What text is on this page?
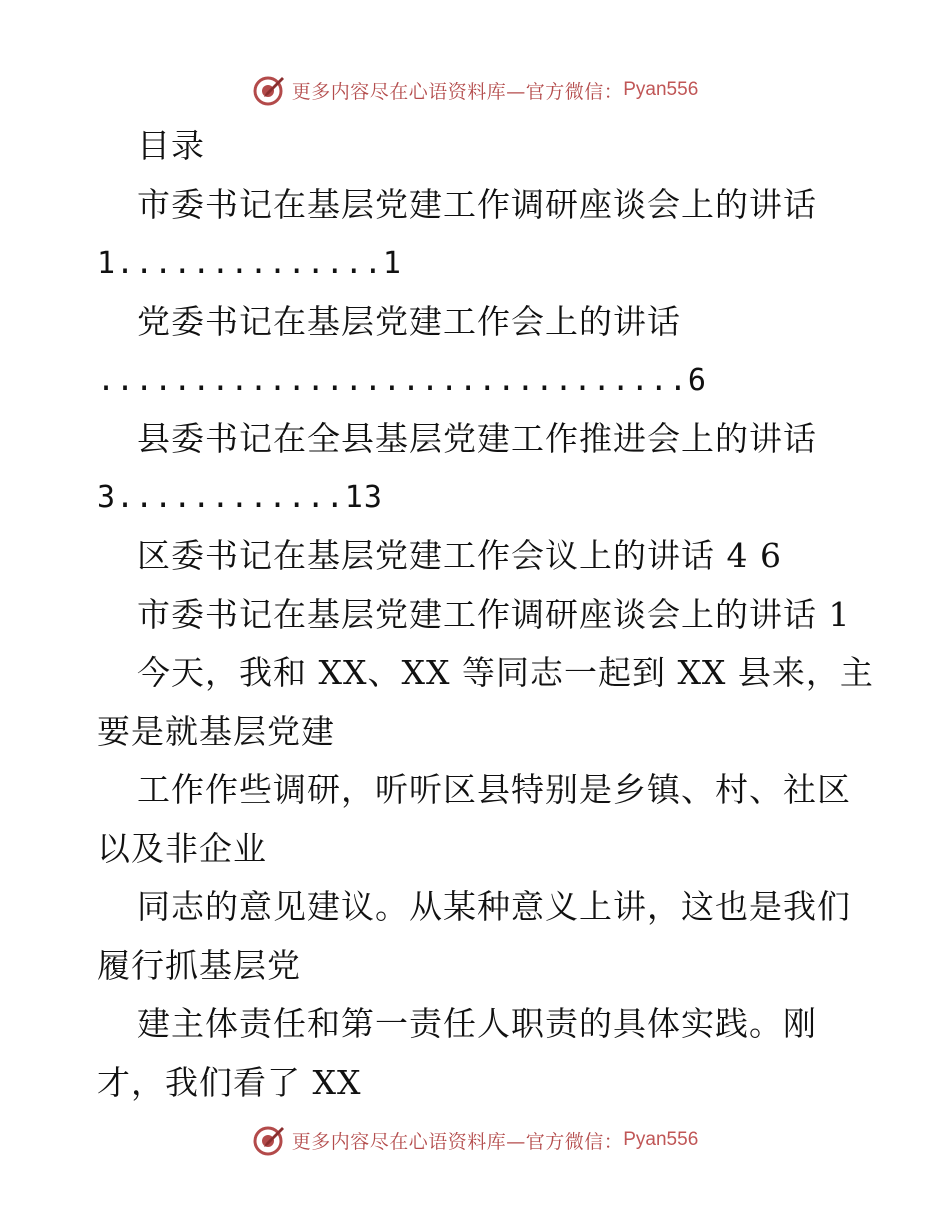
更多内容尽在心语资料库—官方微信： Pyan556
目录
市委书记在基层党建工作调研座谈会上的讲话
1..............1
党委书记在基层党建工作会上的讲话
...............................6
县委书记在全县基层党建工作推进会上的讲话
3............13
区委书记在基层党建工作会议上的讲话 4 6
市委书记在基层党建工作调研座谈会上的讲话 1
今天，我和 XX、XX 等同志一起到 XX 县来，主
要是就基层党建
工作作些调研，听听区县特别是乡镇、村、社区
以及非企业
同志的意见建议。从某种意义上讲，这也是我们
履行抓基层党
建主体责任和第一责任人职责的具体实践。刚
才，我们看了 XX
更多内容尽在心语资料库—官方微信： Pyan556
